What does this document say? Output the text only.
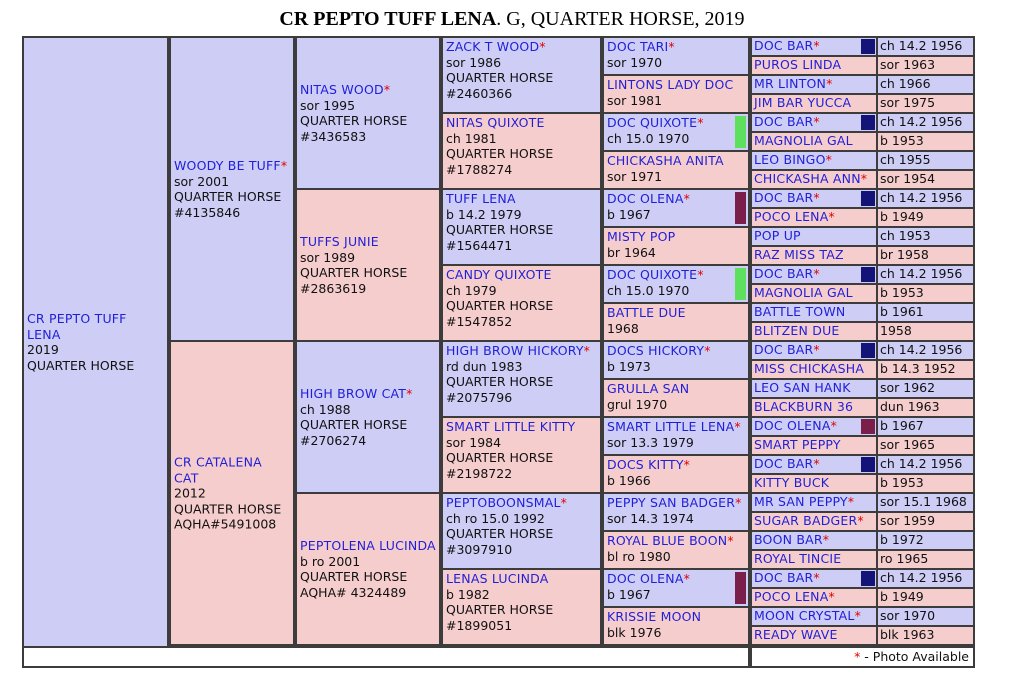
CR PEPTO TUFF LENA. G, QUARTER HORSE, 2019
CR PEPTO TUFF LENA
2019
QUARTER HORSE
WOODY BE TUFF*
sor 2001
QUARTER HORSE
#4135846
CR CATALENA CAT
2012
QUARTER HORSE
AQHA#5491008
NITAS WOOD*
sor 1995
QUARTER HORSE
#3436583
TUFFS JUNIE
sor 1989
QUARTER HORSE
#2863619
HIGH BROW CAT*
ch 1988
QUARTER HORSE
#2706274
PEPTOLENA LUCINDA
b ro 2001
QUARTER HORSE
AQHA# 4324489
ZACK T WOOD*
sor 1986
QUARTER HORSE
#2460366
NITAS QUIXOTE
ch 1981
QUARTER HORSE
#1788274
TUFF LENA
b 14.2 1979
QUARTER HORSE
#1564471
CANDY QUIXOTE
ch 1979
QUARTER HORSE
#1547852
HIGH BROW HICKORY*
rd dun 1983
QUARTER HORSE
#2075796
SMART LITTLE KITTY
sor 1984
QUARTER HORSE
#2198722
PEPTOBOONSMAL*
ch ro 15.0 1992
QUARTER HORSE
#3097910
LENAS LUCINDA
b 1982
QUARTER HORSE
#1899051
DOC TARI*
sor 1970
LINTONS LADY DOC
sor 1981
DOC QUIXOTE*
ch 15.0 1970
CHICKASHA ANITA
sor 1971
DOC OLENA*
b 1967
MISTY POP
br 1964
DOC QUIXOTE*
ch 15.0 1970
BATTLE DUE
1968
DOCS HICKORY*
b 1973
GRULLA SAN
grul 1970
SMART LITTLE LENA*
sor 13.3 1979
DOCS KITTY*
b 1966
PEPPY SAN BADGER*
sor 14.3 1974
ROYAL BLUE BOON*
bl ro 1980
DOC OLENA*
b 1967
KRISSIE MOON
blk 1976
DOC BAR*	ch 14.2 1956
PUROS LINDA	sor 1963
MR LINTON*	ch 1966
JIM BAR YUCCA	sor 1975
DOC BAR*	ch 14.2 1956
MAGNOLIA GAL	b 1953
LEO BINGO*	ch 1955
CHICKASHA ANN*	sor 1954
DOC BAR*	ch 14.2 1956
POCO LENA*	b 1949
POP UP	ch 1953
RAZ MISS TAZ	br 1958
DOC BAR*	ch 14.2 1956
MAGNOLIA GAL	b 1953
BATTLE TOWN	b 1961
BLITZEN DUE	1958
DOC BAR*	ch 14.2 1956
MISS CHICKASHA	b 14.3 1952
LEO SAN HANK	sor 1962
BLACKBURN 36	dun 1963
DOC OLENA*	b 1967
SMART PEPPY	sor 1965
DOC BAR*	ch 14.2 1956
KITTY BUCK	b 1953
MR SAN PEPPY*	sor 15.1 1968
SUGAR BADGER*	sor 1959
BOON BAR*	b 1972
ROYAL TINCIE	ro 1965
DOC BAR*	ch 14.2 1956
POCO LENA*	b 1949
MOON CRYSTAL*	sor 1970
READY WAVE	blk 1963
* - Photo Available
